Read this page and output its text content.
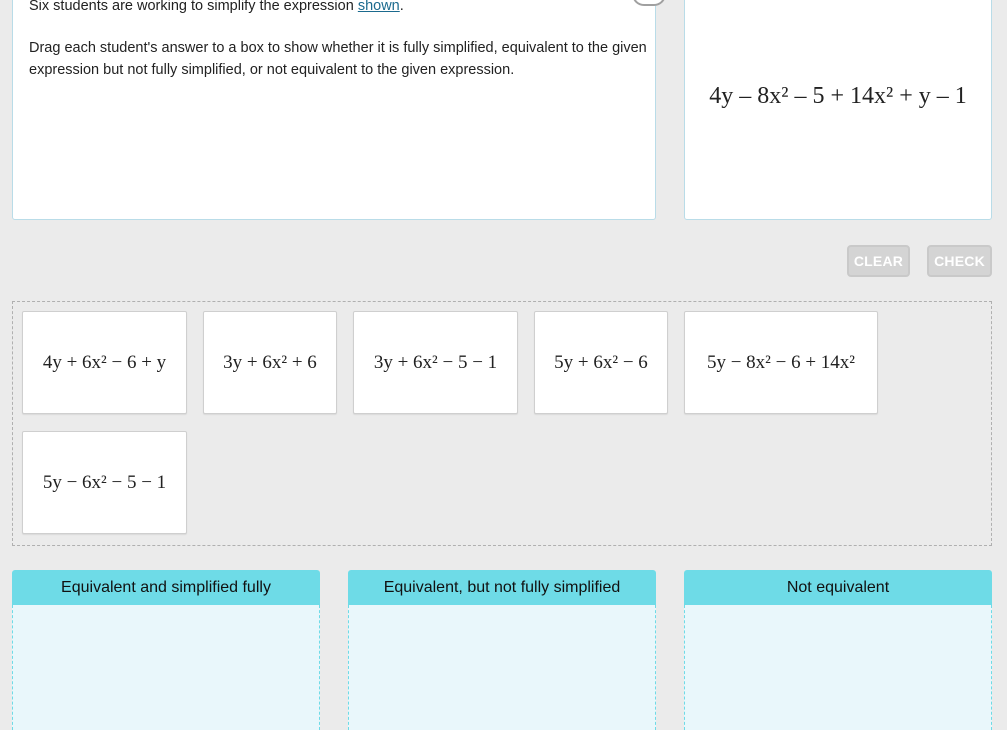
Six students are working to simplify the expression shown.

Drag each student's answer to a box to show whether it is fully simplified, equivalent to the given expression but not fully simplified, or not equivalent to the given expression.

4y – 8x² – 5 + 14x² + y – 1
CLEAR	CHECK
4y + 6x² − 6 + y	3y + 6x² + 6	3y + 6x² − 5 − 1	5y + 6x² − 6	5y − 8x² − 6 + 14x²
5y − 6x² − 5 − 1
Equivalent and simplified fully	Equivalent, but not fully simplified	Not equivalent
